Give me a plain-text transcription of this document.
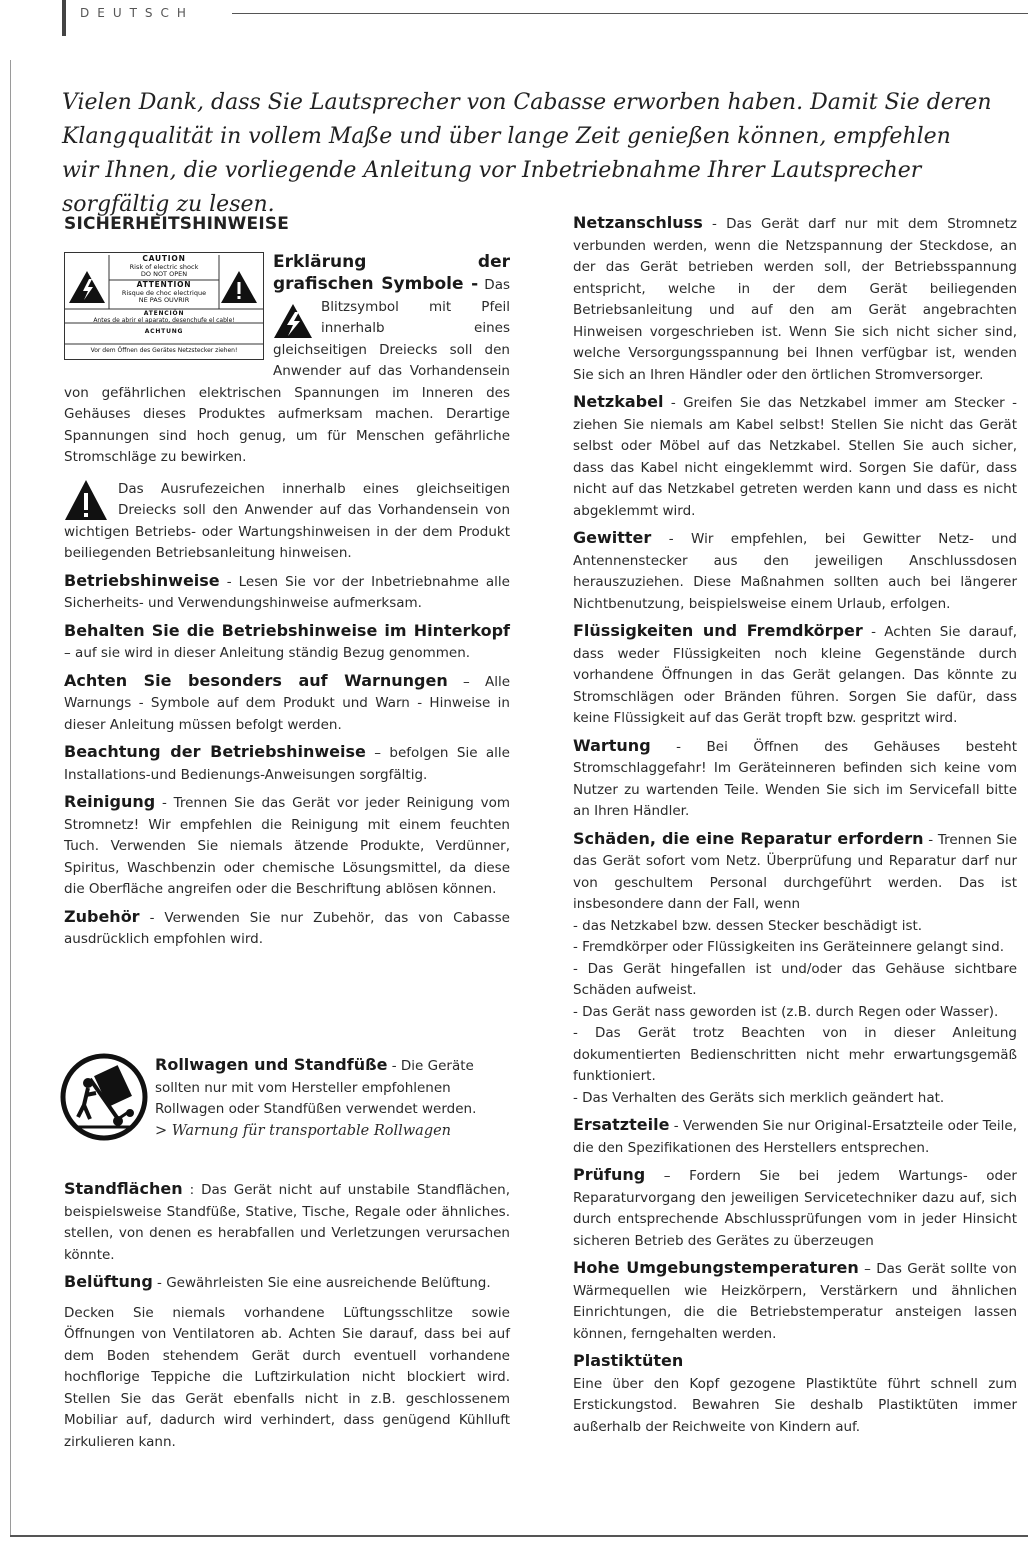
DEUTSCH
Vielen Dank, dass Sie Lautsprecher von Cabasse erworben haben. Damit Sie deren Klangqualität in vollem Maße und über lange Zeit genießen können, empfehlen wir Ihnen, die vorliegende Anleitung vor Inbetriebnahme Ihrer Lautsprecher sorgfältig zu lesen.
SICHERHEITSHINWEISE
CAUTION
Risk of electric shock
DO NOT OPEN
ATTENTION
Risque de choc electrique
NE PAS OUVRIR
ATENCIÓN
Antes de abrir el aparato, desenchufe el cable!
ACHTUNG
Vor dem Öffnen des Gerätes Netzstecker ziehen!

Erklärung der grafischen Symbole - Das Blitzsymbol mit Pfeil innerhalb eines gleichseitigen Dreiecks soll den Anwender auf das Vorhandensein von gefährlichen elektrischen Spannungen im Inneren des Gehäuses dieses Produktes aufmerksam machen. Derartige Spannungen sind hoch genug, um für Menschen gefährliche Stromschläge zu bewirken.

Das Ausrufezeichen innerhalb eines gleichseitigen Dreiecks soll den Anwender auf das Vorhandensein von wichtigen Betriebs- oder Wartungshinweisen in der dem Produkt beiliegenden Betriebsanleitung hinweisen.

Betriebshinweise - Lesen Sie vor der Inbetriebnahme alle Sicherheits- und Verwendungshinweise aufmerksam.

Behalten Sie die Betriebshinweise im Hinterkopf – auf sie wird in dieser Anleitung ständig Bezug genommen.

Achten Sie besonders auf Warnungen – Alle Warnungs - Symbole auf dem Produkt und Warn - Hinweise in dieser Anleitung müssen befolgt werden.

Beachtung der Betriebshinweise – befolgen Sie alle Installations-und Bedienungs-Anweisungen sorgfältig.

Reinigung - Trennen Sie das Gerät vor jeder Reinigung vom Stromnetz! Wir empfehlen die Reinigung mit einem feuchten Tuch. Verwenden Sie niemals ätzende Produkte, Verdünner, Spiritus, Waschbenzin oder chemische Lösungsmittel, da diese die Oberfläche angreifen oder die Beschriftung ablösen können.

Zubehör - Verwenden Sie nur Zubehör, das von Cabasse ausdrücklich empfohlen wird.

Rollwagen und Standfüße - Die Geräte sollten nur mit vom Hersteller empfohlenen Rollwagen oder Standfüßen verwendet werden.
> Warnung für transportable Rollwagen

Standflächen : Das Gerät nicht auf unstabile Standflächen, beispielsweise Standfüße, Stative, Tische, Regale oder ähnliches. stellen, von denen es herabfallen und Verletzungen verursachen könnte.

Belüftung - Gewährleisten Sie eine ausreichende Belüftung.

Decken Sie niemals vorhandene Lüftungsschlitze sowie Öffnungen von Ventilatoren ab. Achten Sie darauf, dass bei auf dem Boden stehendem Gerät durch eventuell vorhandene hochflorige Teppiche die Luftzirkulation nicht blockiert wird. Stellen Sie das Gerät ebenfalls nicht in z.B. geschlossenem Mobiliar auf, dadurch wird verhindert, dass genügend Kühlluft zirkulieren kann.

Netzanschluss - Das Gerät darf nur mit dem Stromnetz verbunden werden, wenn die Netzspannung der Steckdose, an der das Gerät betrieben werden soll, der Betriebsspannung entspricht, welche in der dem Gerät beiliegenden Betriebsanleitung und auf den am Gerät angebrachten Hinweisen vorgeschrieben ist. Wenn Sie sich nicht sicher sind, welche Versorgungsspannung bei Ihnen verfügbar ist, wenden Sie sich an Ihren Händler oder den örtlichen Stromversorger.

Netzkabel - Greifen Sie das Netzkabel immer am Stecker - ziehen Sie niemals am Kabel selbst! Stellen Sie nicht das Gerät selbst oder Möbel auf das Netzkabel. Stellen Sie auch sicher, dass das Kabel nicht eingeklemmt wird. Sorgen Sie dafür, dass nicht auf das Netzkabel getreten werden kann und dass es nicht abgeklemmt wird.

Gewitter - Wir empfehlen, bei Gewitter Netz- und Antennenstecker aus den jeweiligen Anschlussdosen herauszuziehen. Diese Maßnahmen sollten auch bei längerer Nichtbenutzung, beispielsweise einem Urlaub, erfolgen.

Flüssigkeiten und Fremdkörper - Achten Sie darauf, dass weder Flüssigkeiten noch kleine Gegenstände durch vorhandene Öffnungen in das Gerät gelangen. Das könnte zu Stromschlägen oder Bränden führen. Sorgen Sie dafür, dass keine Flüssigkeit auf das Gerät tropft bzw. gespritzt wird.

Wartung - Bei Öffnen des Gehäuses besteht Stromschlaggefahr! Im Geräteinneren befinden sich keine vom Nutzer zu wartenden Teile. Wenden Sie sich im Servicefall bitte an Ihren Händler.

Schäden, die eine Reparatur erfordern - Trennen Sie das Gerät sofort vom Netz. Überprüfung und Reparatur darf nur von geschultem Personal durchgeführt werden. Das ist insbesondere dann der Fall, wenn

- das Netzkabel bzw. dessen Stecker beschädigt ist.
- Fremdkörper oder Flüssigkeiten ins Geräteinnere gelangt sind.
- Das Gerät hingefallen ist und/oder das Gehäuse sichtbare Schäden aufweist.
- Das Gerät nass geworden ist (z.B. durch Regen oder Wasser).
- Das Gerät trotz Beachten von in dieser Anleitung dokumentierten Bedienschritten nicht mehr erwartungsgemäß funktioniert.
- Das Verhalten des Geräts sich merklich geändert hat.

Ersatzteile - Verwenden Sie nur Original-Ersatzteile oder Teile, die den Spezifikationen des Herstellers entsprechen.

Prüfung – Fordern Sie bei jedem Wartungs- oder Reparaturvorgang den jeweiligen Servicetechniker dazu auf, sich durch entsprechende Abschlussprüfungen vom in jeder Hinsicht sicheren Betrieb des Gerätes zu überzeugen

Hohe Umgebungstemperaturen – Das Gerät sollte von Wärmequellen wie Heizkörpern, Verstärkern und ähnlichen Einrichtungen, die die Betriebstemperatur ansteigen lassen können, ferngehalten werden.

Plastiktüten

Eine über den Kopf gezogene Plastiktüte führt schnell zum Erstickungstod. Bewahren Sie deshalb Plastiktüten immer außerhalb der Reichweite von Kindern auf.
